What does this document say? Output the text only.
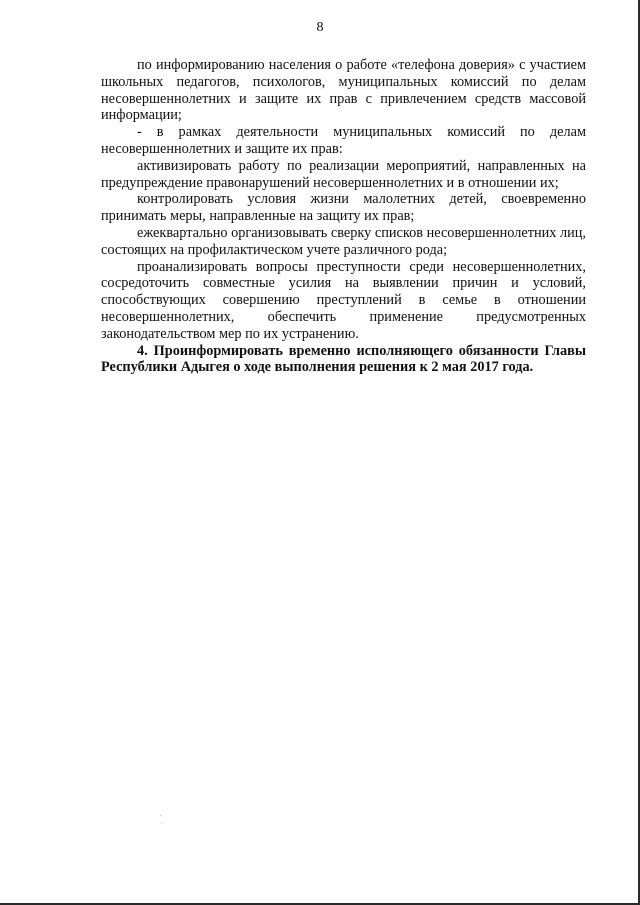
8

по информированию населения о работе «телефона доверия» с участием школьных педагогов, психологов, муниципальных комиссий по делам несовершеннолетних и защите их прав с привлечением средств массовой информации;

- в рамках деятельности муниципальных комиссий по делам несовершеннолетних и защите их прав:

активизировать работу по реализации мероприятий, направленных на предупреждение правонарушений несовершеннолетних и в отношении их;

контролировать условия жизни малолетних детей, своевременно принимать меры, направленные на защиту их прав;

ежеквартально организовывать сверку списков несовершеннолетних лиц, состоящих на профилактическом учете различного рода;

проанализировать вопросы преступности среди несовершеннолетних, сосредоточить совместные усилия на выявлении причин и условий, способствующих совершению преступлений в семье в отношении несовершеннолетних, обеспечить применение предусмотренных законодательством мер по их устранению.

4. Проинформировать временно исполняющего обязанности Главы Республики Адыгея о ходе выполнения решения к 2 мая 2017 года.
